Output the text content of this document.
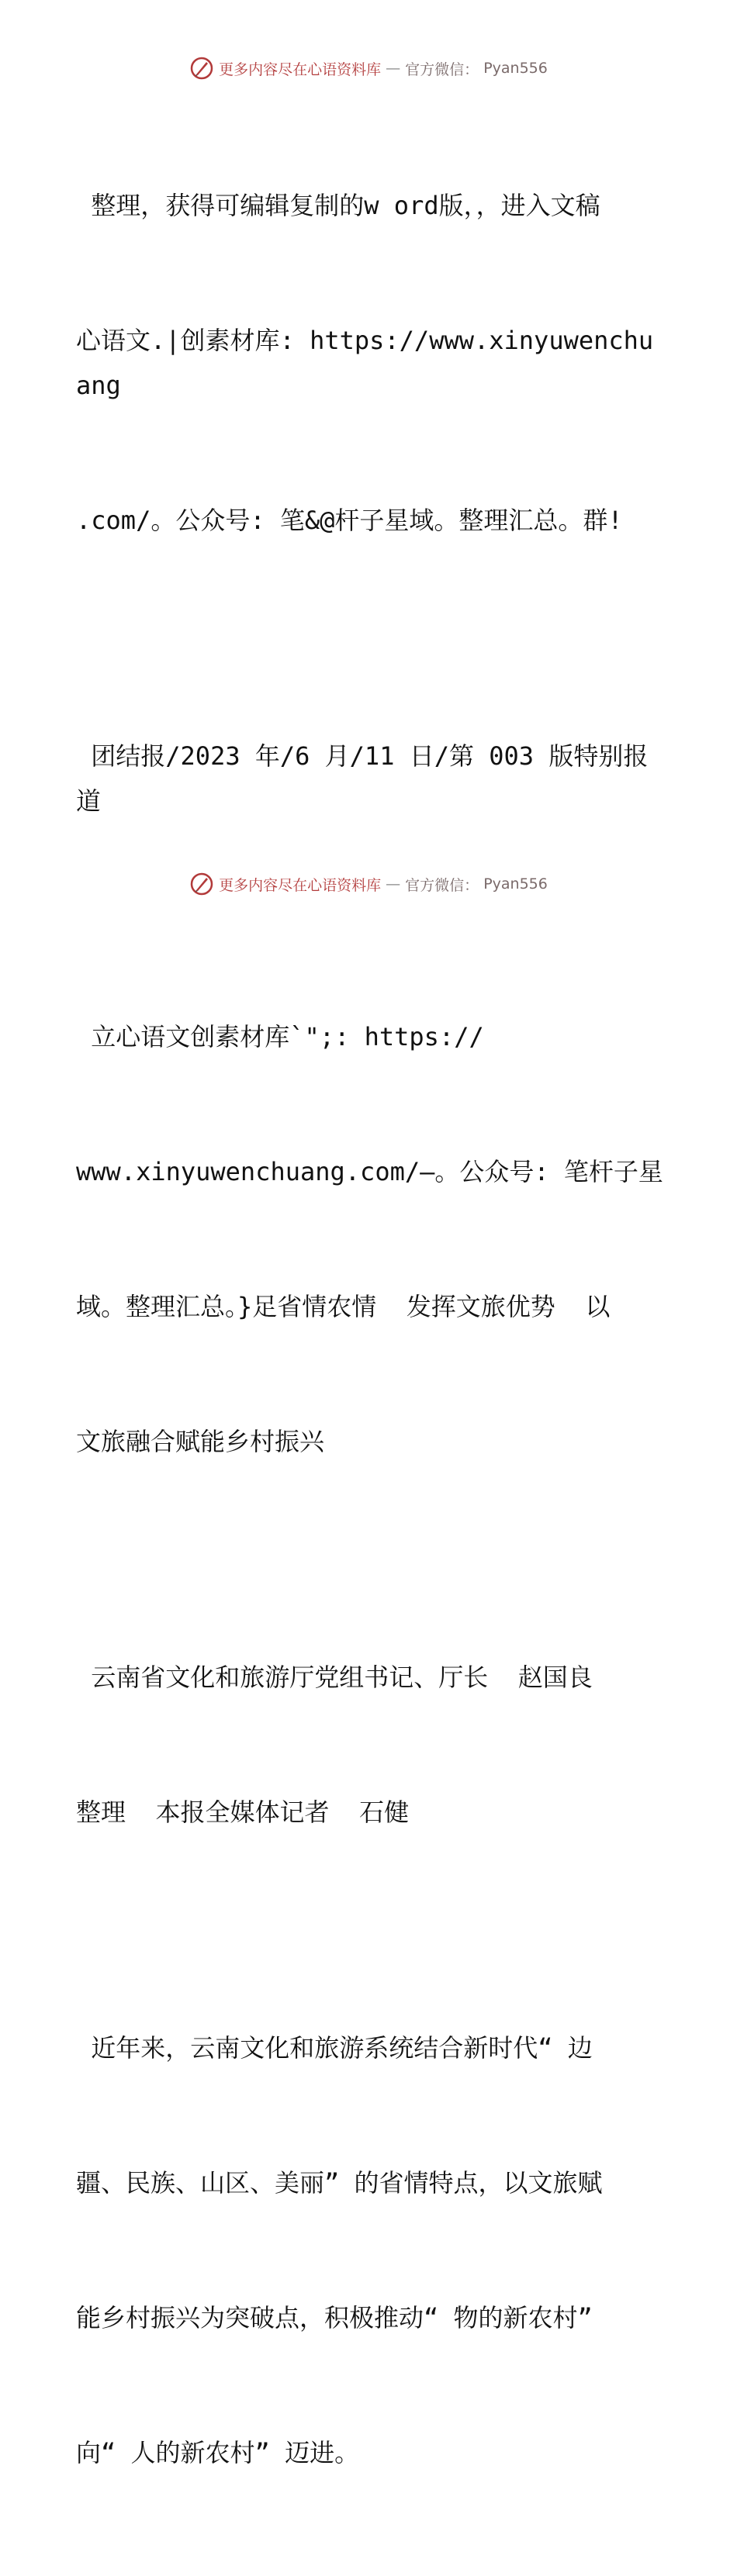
更多内容尽在心语资料库 — 官方微信： Pyan556

整理，获得可编辑复制的w ord版，，进入文稿

心语文.|创素材库: https://www.xinyuwenchuang

.com/。公众号: 笔&@杆子星域。整理汇总。群!

团结报/2023 年/6 月/11 日/第 003 版特别报道

立心语文创素材库`";: https://

www.xinyuwenchuang.com/—。公众号: 笔杆子星

域。整理汇总。}足省情农情  发挥文旅优势  以

文旅融合赋能乡村振兴

云南省文化和旅游厅党组书记、厅长  赵国良

整理  本报全媒体记者  石健

近年来，云南文化和旅游系统结合新时代“ 边

疆、民族、山区、美丽” 的省情特点，以文旅赋

能乡村振兴为突破点，积极推动“ 物的新农村”

向“ 人的新农村” 迈进。

更多内容尽在心语资料库 — 官方微信： Pyan556
